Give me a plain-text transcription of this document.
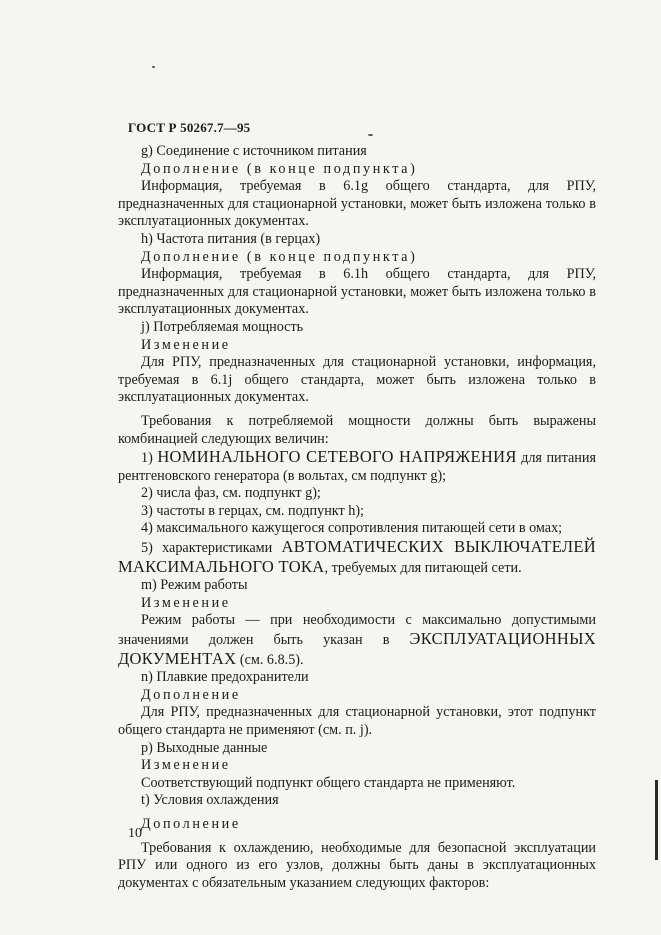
ГОСТ Р 50267.7—95

g) Соединение с источником питания

Дополнение (в конце подпункта)

Информация, требуемая в 6.1g общего стандарта, для РПУ, предназначенных для стационарной установки, может быть изложена только в эксплуатационных документах.

h) Частота питания (в герцах)

Дополнение (в конце подпункта)

Информация, требуемая в 6.1h общего стандарта, для РПУ, предназначенных для стационарной установки, может быть изложена только в эксплуатационных документах.

j) Потребляемая мощность

Изменение

Для РПУ, предназначенных для стационарной установки, информация, требуемая в 6.1j общего стандарта, может быть изложена только в эксплуатационных документах.

Требования к потребляемой мощности должны быть выражены комбинацией следующих величин:

1) НОМИНАЛЬНОГО СЕТЕВОГО НАПРЯЖЕНИЯ для питания рентгеновского генератора (в вольтах, см подпункт g);

2) числа фаз, см. подпункт g);

3) частоты в герцах, см. подпункт h);

4) максимального кажущегося сопротивления питающей сети в омах;

5) характеристиками АВТОМАТИЧЕСКИХ ВЫКЛЮЧАТЕЛЕЙ МАКСИМАЛЬНОГО ТОКА, требуемых для питающей сети.

m) Режим работы

Изменение

Режим работы — при необходимости с максимально допустимыми значениями должен быть указан в ЭКСПЛУАТАЦИОННЫХ ДОКУМЕНТАХ (см. 6.8.5).

n) Плавкие предохранители

Дополнение

Для РПУ, предназначенных для стационарной установки, этот подпункт общего стандарта не применяют (см. п. j).

p) Выходные данные

Изменение

Соответствующий подпункт общего стандарта не применяют.

t) Условия охлаждения

Дополнение

Требования к охлаждению, необходимые для безопасной эксплуатации РПУ или одного из его узлов, должны быть даны в эксплуатационных документах с обязательным указанием следующих факторов:

10
